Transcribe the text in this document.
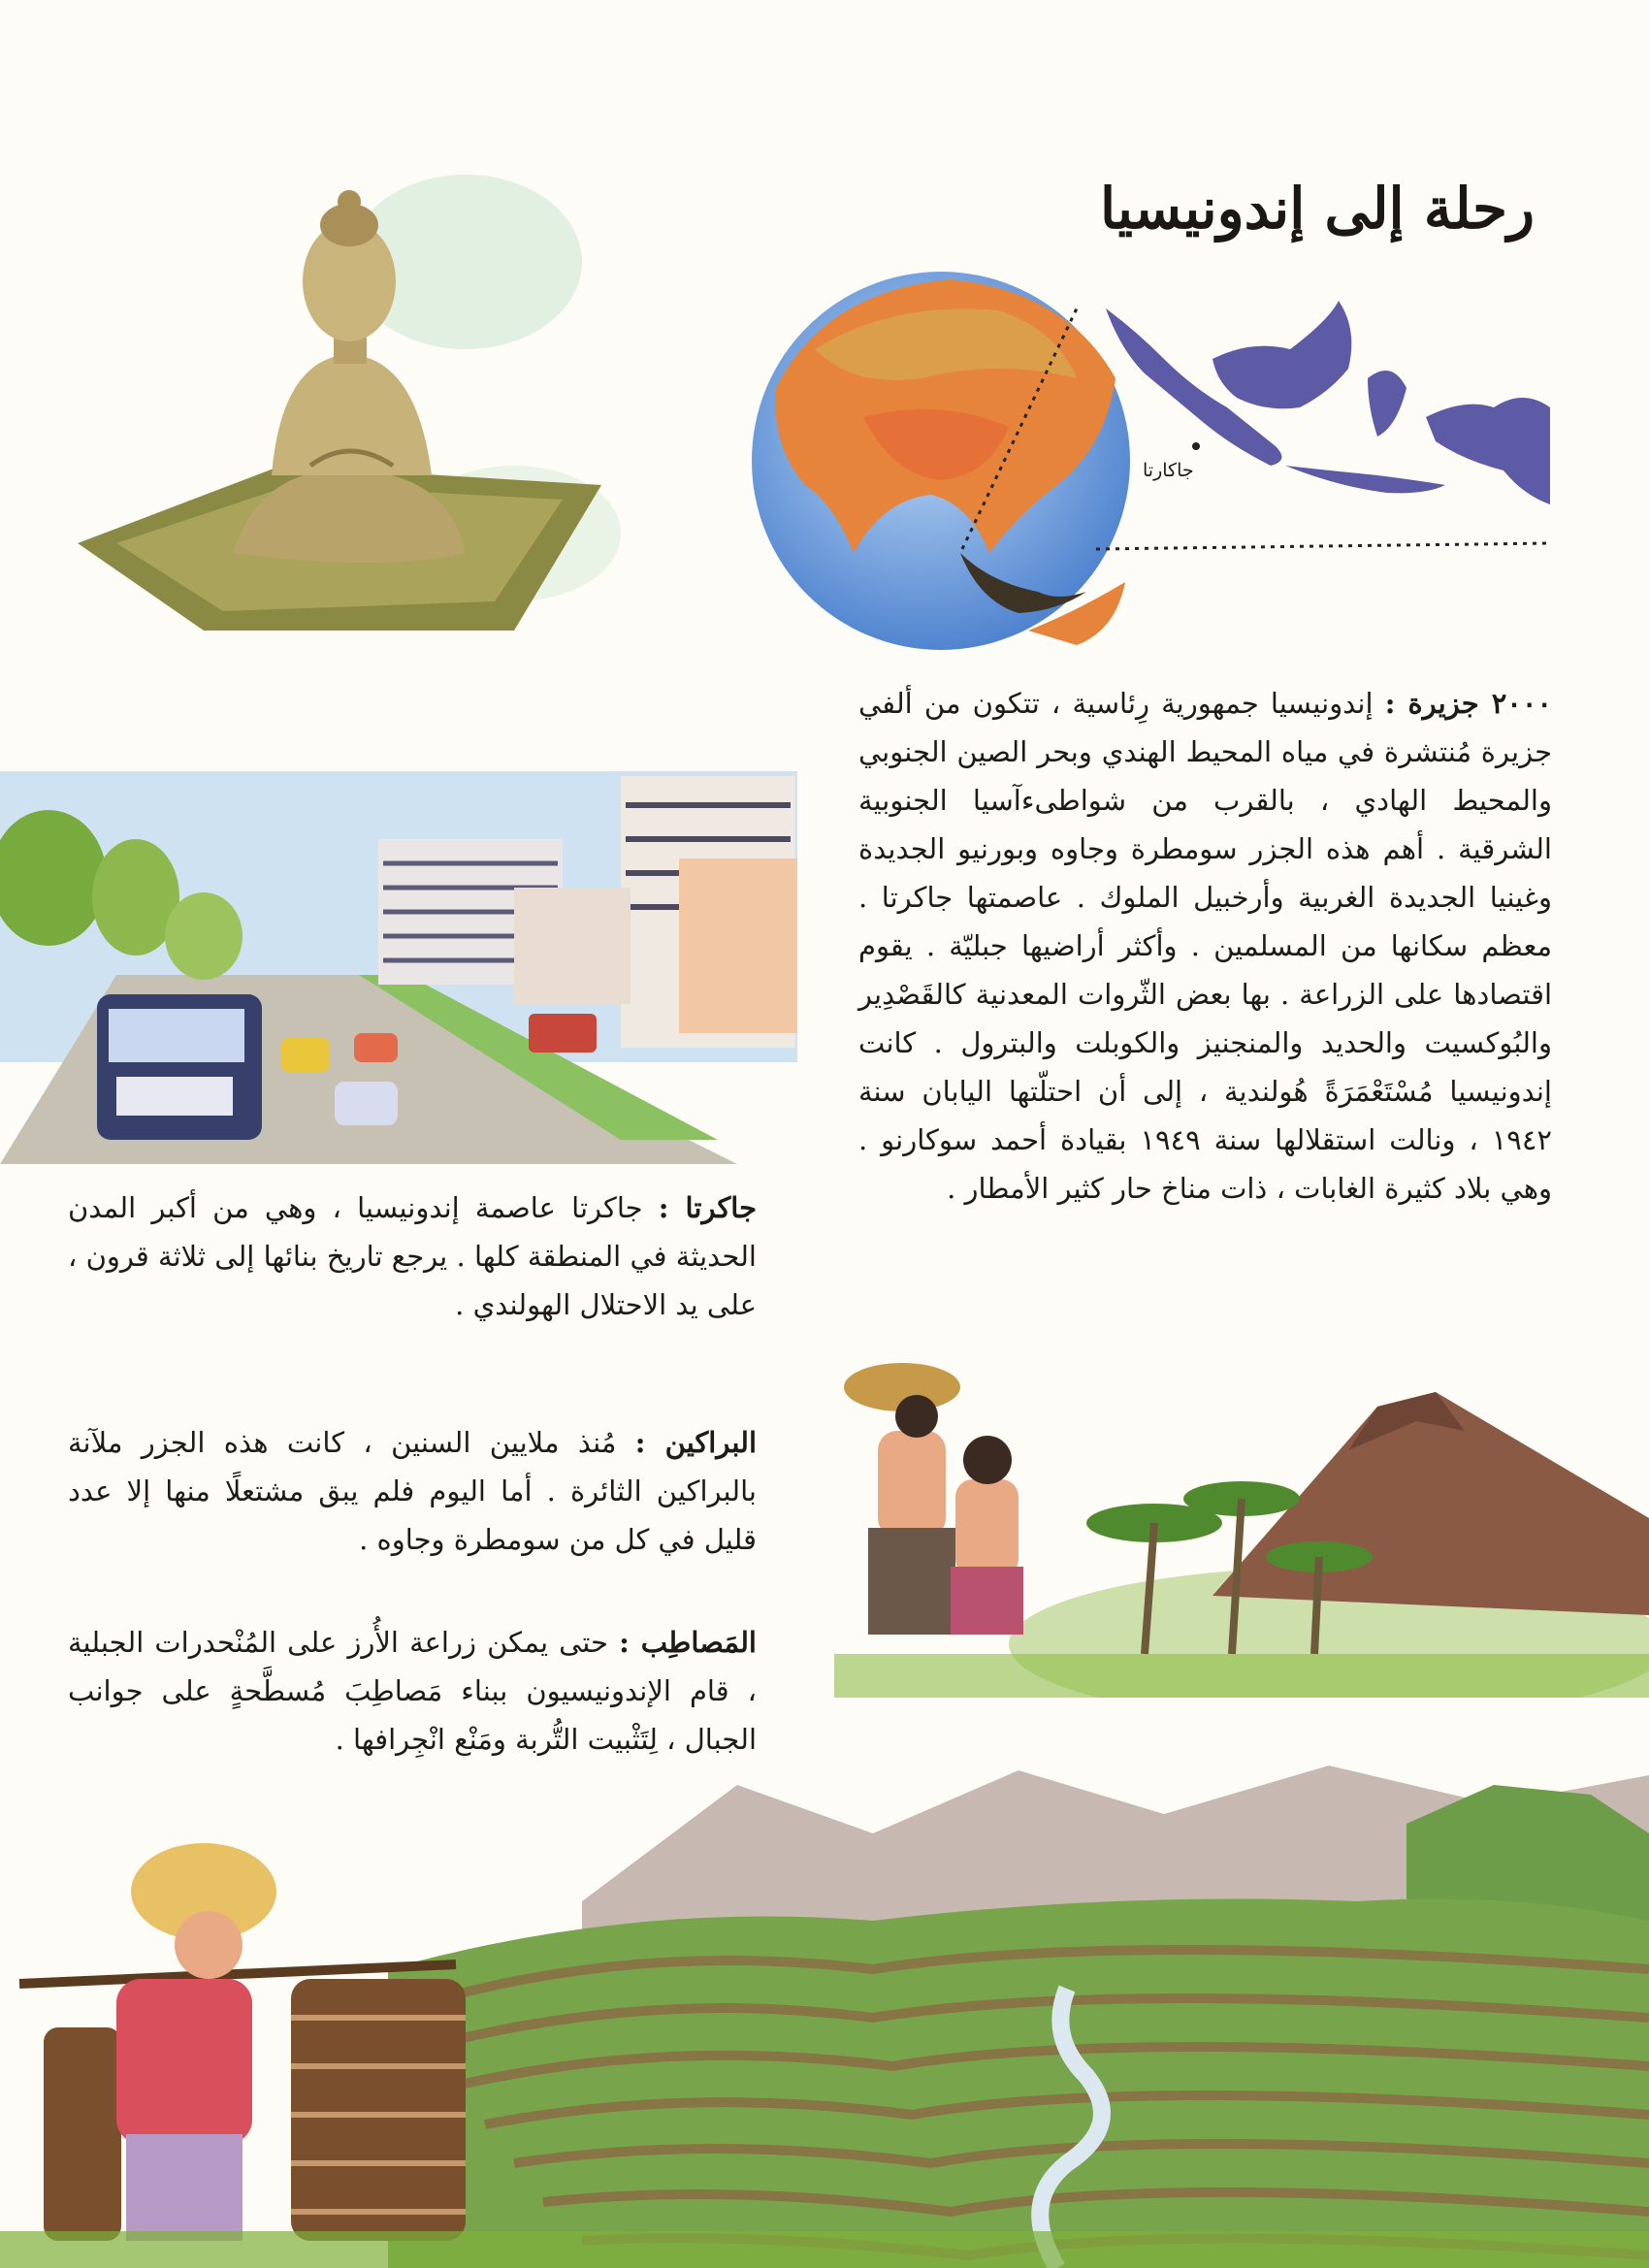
رحلة إلى إندونيسيا
جاكارتا

٢٠٠٠ جزيرة : إندونيسيا جمهورية رِئاسية ، تتكون من ألفي جزيرة مُنتشرة في مياه المحيط الهندي وبحر الصين الجنوبي والمحيط الهادي ، بالقرب من شواطىءآسيا الجنوبية الشرقية . أهم هذه الجزر سومطرة وجاوه وبورنيو الجديدة وغينيا الجديدة الغربية وأرخبيل الملوك . عاصمتها جاكرتا . معظم سكانها من المسلمين . وأكثر أراضيها جبليّة . يقوم اقتصادها على الزراعة . بها بعض الثّروات المعدنية كالقَصْدِير والبُوكسيت والحديد والمنجنيز والكوبلت والبترول . كانت إندونيسيا مُسْتَعْمَرَةً هُولندية ، إلى أن احتلّتها اليابان سنة ١٩٤٢ ، ونالت استقلالها سنة ١٩٤٩ بقيادة أحمد سوكارنو . وهي بلاد كثيرة الغابات ، ذات مناخ حار كثير الأمطار .

جاكرتا : جاكرتا عاصمة إندونيسيا ، وهي من أكبر المدن الحديثة في المنطقة كلها . يرجع تاريخ بنائها إلى ثلاثة قرون ، على يد الاحتلال الهولندي .

البراكين : مُنذ ملايين السنين ، كانت هذه الجزر ملآنة بالبراكين الثائرة . أما اليوم فلم يبق مشتعلًا منها إلا عدد قليل في كل من سومطرة وجاوه .

المَصاطِب : حتى يمكن زراعة الأُرز على المُنْحدرات الجبلية ، قام الإندونيسيون ببناء مَصاطِبَ مُسطَّحةٍ على جوانب الجبال ، لِتَثْبيت التُّربة ومَنْع انْجِرافها .
